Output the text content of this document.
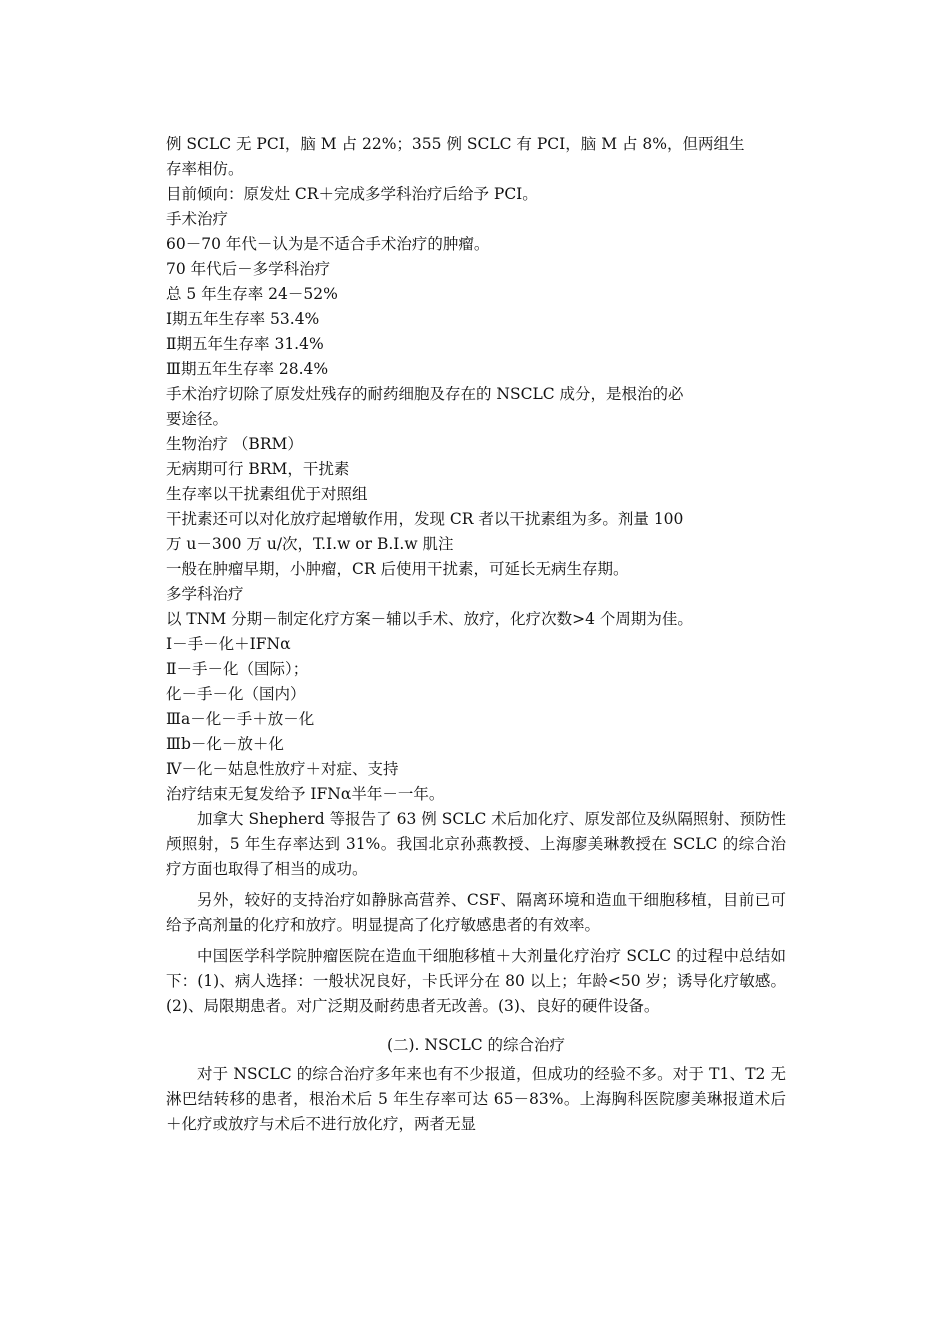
例 SCLC 无 PCI，脑 M 占 22%；355 例 SCLC 有 PCI，脑 M 占 8%，但两组生
存率相仿。
目前倾向：原发灶 CR＋完成多学科治疗后给予 PCI。
手术治疗
60－70 年代－认为是不适合手术治疗的肿瘤。
70 年代后－多学科治疗
总 5 年生存率 24－52%
Ⅰ期五年生存率 53.4%
Ⅱ期五年生存率 31.4%
Ⅲ期五年生存率 28.4%
手术治疗切除了原发灶残存的耐药细胞及存在的 NSCLC 成分，是根治的必
要途径。
生物治疗 （BRM）
无病期可行 BRM，干扰素
生存率以干扰素组优于对照组
干扰素还可以对化放疗起增敏作用，发现 CR 者以干扰素组为多。剂量 100
万 u－300 万 u/次，T.I.w or B.I.w 肌注
一般在肿瘤早期，小肿瘤，CR 后使用干扰素，可延长无病生存期。
多学科治疗
以 TNM 分期－制定化疗方案－辅以手术、放疗，化疗次数>4 个周期为佳。
Ⅰ－手－化＋IFNα
Ⅱ－手－化（国际）；
化－手－化（国内）
Ⅲa－化－手＋放－化
Ⅲb－化－放＋化
Ⅳ－化－姑息性放疗＋对症、支持
治疗结束无复发给予 IFNα半年－一年。

加拿大 Shepherd 等报告了 63 例 SCLC 术后加化疗、原发部位及纵隔照射、预防性颅照射，5 年生存率达到 31%。我国北京孙燕教授、上海廖美琳教授在 SCLC 的综合治疗方面也取得了相当的成功。

另外，较好的支持治疗如静脉高营养、CSF、隔离环境和造血干细胞移植，目前已可给予高剂量的化疗和放疗。明显提高了化疗敏感患者的有效率。

中国医学科学院肿瘤医院在造血干细胞移植＋大剂量化疗治疗 SCLC 的过程中总结如下：(1)、病人选择：一般状况良好，卡氏评分在 80 以上；年龄<50 岁；诱导化疗敏感。(2)、局限期患者。对广泛期及耐药患者无改善。(3)、良好的硬件设备。

(二). NSCLC 的综合治疗

对于 NSCLC 的综合治疗多年来也有不少报道，但成功的经验不多。对于 T1、T2 无淋巴结转移的患者，根治术后 5 年生存率可达 65－83%。上海胸科医院廖美琳报道术后＋化疗或放疗与术后不进行放化疗，两者无显
